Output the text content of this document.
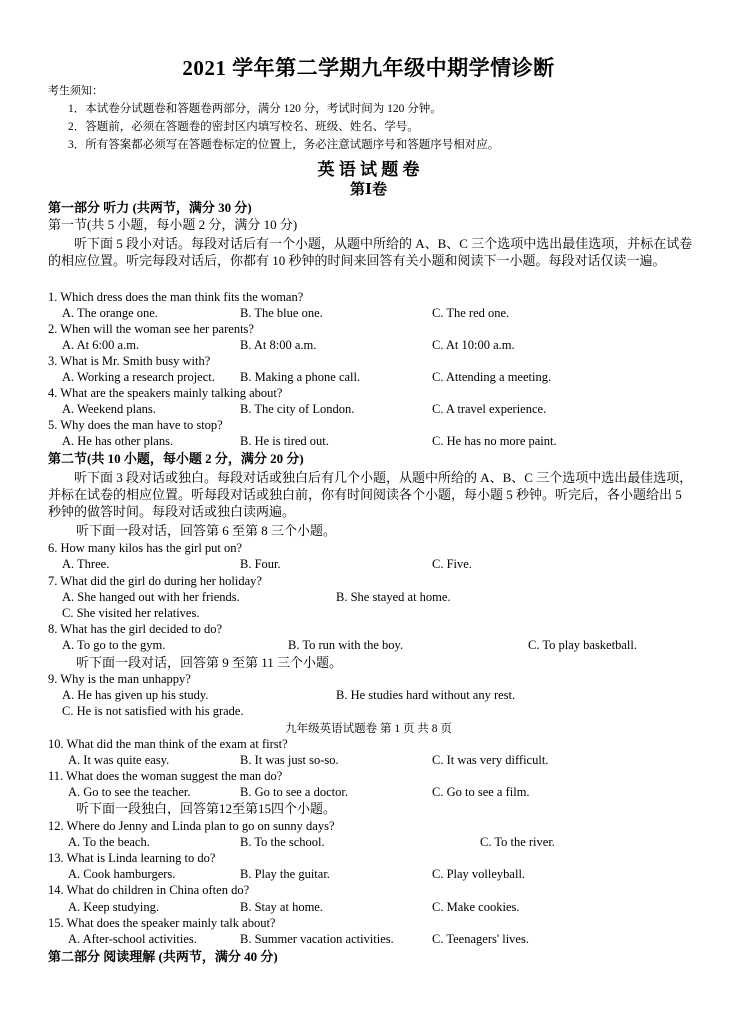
2021 学年第二学期九年级中期学情诊断
考生须知：
1．本试卷分试题卷和答题卷两部分，满分 120 分，考试时间为 120 分钟。
2．答题前，必须在答题卷的密封区内填写校名、班级、姓名、学号。
3．所有答案都必须写在答题卷标定的位置上，务必注意试题序号和答题序号相对应。
英 语 试 题 卷
第Ⅰ卷
第一部分 听力 (共两节，满分 30 分)
第一节(共 5 小题，每小题 2 分，满分 10 分)
听下面 5 段小对话。每段对话后有一个小题，从题中所给的 A、B、C 三个选项中选出最佳选项，并标在试卷的相应位置。听完每段对话后，你都有 10 秒钟的时间来回答有关小题和阅读下一小题。每段对话仅读一遍。
1. Which dress does the man think fits the woman?
A. The orange one.	B. The blue one.	C. The red one.
2. When will the woman see her parents?
A. At 6:00 a.m.	B. At 8:00 a.m.	C. At 10:00 a.m.
3. What is Mr. Smith busy with?
A. Working a research project. B. Making a phone call.	C. Attending a meeting.
4. What are the speakers mainly talking about?
A. Weekend plans.	B. The city of London.	C. A travel experience.
5. Why does the man have to stop?
A. He has other plans.	B. He is tired out.	C. He has no more paint.
第二节(共 10 小题，每小题 2 分，满分 20 分)
听下面 3 段对话或独白。每段对话或独白后有几个小题，从题中所给的 A、B、C 三个选项中选出最佳选项，并标在试卷的相应位置。听每段对话或独白前，你有时间阅读各个小题，每小题 5 秒钟。听完后，各小题给出 5 秒钟的做答时间。每段对话或独白读两遍。
听下面一段对话，回答第 6 至第 8 三个小题。
6. How many kilos has the girl put on?
A. Three.	B. Four.	C. Five.
7. What did the girl do during her holiday?
A. She hanged out with her friends.	B. She stayed at home.
C. She visited her relatives.
8. What has the girl decided to do?
A. To go to the gym.	B. To run with the boy.	C. To play basketball.
听下面一段对话，回答第 9 至第 11 三个小题。
9. Why is the man unhappy?
A. He has given up his study.	B. He studies hard without any rest.
C. He is not satisfied with his grade.
九年级英语试题卷 第 1 页 共 8 页
10. What did the man think of the exam at first?
A. It was quite easy.	B. It was just so-so.	C. It was very difficult.
11. What does the woman suggest the man do?
A. Go to see the teacher.	B. Go to see a doctor.	C. Go to see a film.
听下面一段独白，回答第12至第15四个小题。
12. Where do Jenny and Linda plan to go on sunny days?
A. To the beach.	B. To the school.	C. To the river.
13. What is Linda learning to do?
A. Cook hamburgers.	B. Play the guitar.	C. Play volleyball.
14. What do children in China often do?
A. Keep studying.	B. Stay at home.	C. Make cookies.
15. What does the speaker mainly talk about?
A. After-school activities.	B. Summer vacation activities.	C. Teenagers' lives.
第二部分 阅读理解 (共两节，满分 40 分)
